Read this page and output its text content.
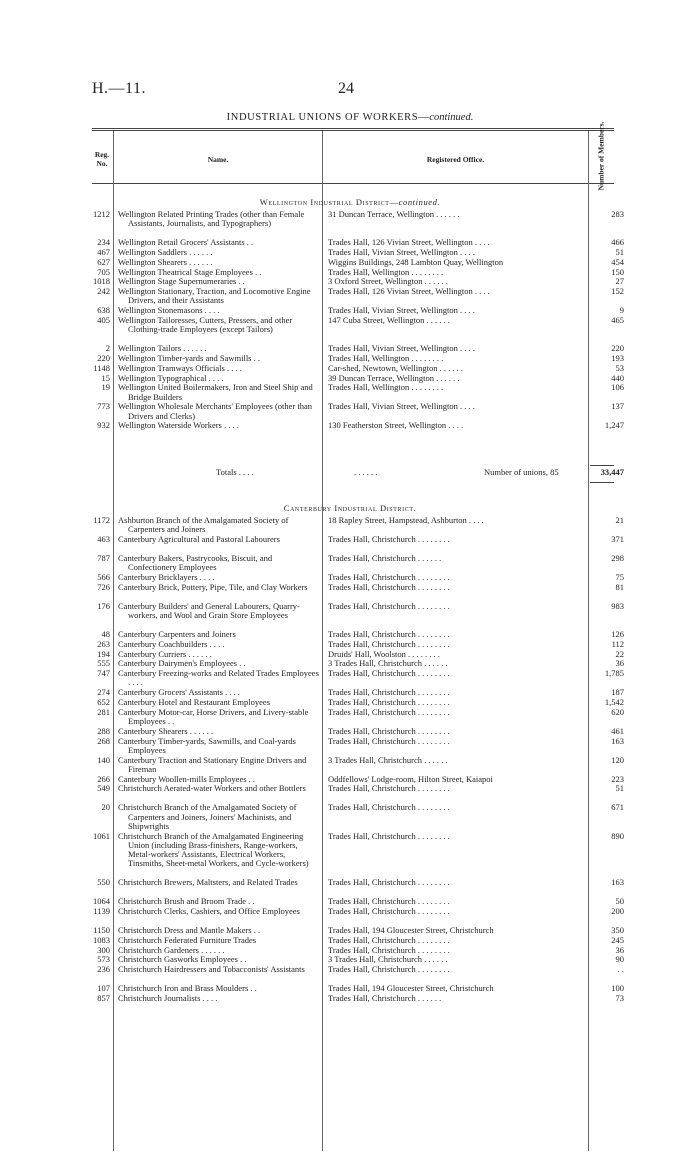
H.—11.	24
INDUSTRIAL UNIONS OF WORKERS—continued.
Reg. No.	Name.	Registered Office.	Number of Members.
Wellington Industrial District—continued.
1212 Wellington Related Printing Trades (other than Female Assistants, Journalists, and Typographers)
31 Duncan Terrace, Wellington . . . . . .	283
234 Wellington Retail Grocers' Assistants . .	Trades Hall, 126 Vivian Street, Wellington . . . .	466
467 Wellington Saddlers . . . . . .	Trades Hall, Vivian Street, Wellington . . . .	51
627 Wellington Shearers . . . . . .	Wiggins Buildings, 248 Lambton Quay, Wellington	454
705 Wellington Theatrical Stage Employees . .	Trades Hall, Wellington . . . . . . . .	150
1018 Wellington Stage Supernumeraries . .	3 Oxford Street, Wellington . . . . . .	27
242 Wellington Stationary, Traction, and Locomotive Engine Drivers, and their Assistants
Trades Hall, 126 Vivian Street, Wellington . . . .	152
638 Wellington Stonemasons . . . .	Trades Hall, Vivian Street, Wellington . . . .	9
405 Wellington Tailoresses, Cutters, Pressers, and other Clothing-trade Employees (except Tailors)
147 Cuba Street, Wellington . . . . . .	465
2 Wellington Tailors . . . . . .	Trades Hall, Vivian Street, Wellington . . . .	220
220 Wellington Timber-yards and Sawmills . .	Trades Hall, Wellington . . . . . . . .	193
1148 Wellington Tramways Officials . . . .	Car-shed, Newtown, Wellington . . . . . .	53
15 Wellington Typographical . . . .	39 Duncan Terrace, Wellington . . . . . .	440
19 Wellington United Boilermakers, Iron and Steel Ship and Bridge Builders
Trades Hall, Wellington . . . . . . . .	106
773 Wellington Wholesale Merchants' Employees (other than Drivers and Clerks)
Trades Hall, Vivian Street, Wellington . . . .	137
932 Wellington Waterside Workers . . . .	130 Featherston Street, Wellington . . . .	1,247
Totals . . . .	. . . . . .	Number of unions, 85	33,447
Canterbury Industrial District.
1172 Ashburton Branch of the Amalgamated Society of Carpenters and Joiners
18 Rapley Street, Hampstead, Ashburton . . . .	21
463 Canterbury Agricultural and Pastoral Labourers	Trades Hall, Christchurch . . . . . . . .	371
787 Canterbury Bakers, Pastrycooks, Biscuit, and Confectionery Employees
Trades Hall, Christchurch . . . . . .	298
566 Canterbury Bricklayers . . . .	Trades Hall, Christchurch . . . . . . . .	75
726 Canterbury Brick, Pottery, Pipe, Tile, and Clay Workers	Trades Hall, Christchurch . . . . . . . .	81
176 Canterbury Builders' and General Labourers, Quarry-workers, and Wool and Grain Store Employees
Trades Hall, Christchurch . . . . . . . .	983
48 Canterbury Carpenters and Joiners	Trades Hall, Christchurch . . . . . . . .	126
263 Canterbury Coachbuilders . . . .	Trades Hall, Christchurch . . . . . . . .	112
194 Canterbury Curriers . . . . . .	Druids' Hall, Woolston . . . . . . . .	22
555 Canterbury Dairymen's Employees . .	3 Trades Hall, Christchurch . . . . . .	36
747 Canterbury Freezing-works and Related Trades Employees . . . .
Trades Hall, Christchurch . . . . . . . .	1,785
274 Canterbury Grocers' Assistants . . . .	Trades Hall, Christchurch . . . . . . . .	187
652 Canterbury Hotel and Restaurant Employees	Trades Hall, Christchurch . . . . . . . .	1,542
281 Canterbury Motor-car, Horse Drivers, and Livery-stable Employees . .
Trades Hall, Christchurch . . . . . . . .	620
288 Canterbury Shearers . . . . . .	Trades Hall, Christchurch . . . . . . . .	461
268 Canterbury Timber-yards, Sawmills, and Coal-yards Employees
Trades Hall, Christchurch . . . . . . . .	163
140 Canterbury Traction and Stationary Engine Drivers and Fireman
3 Trades Hall, Christchurch . . . . . .	120
266 Canterbury Woollen-mills Employees . .	Oddfellows' Lodge-room, Hilton Street, Kaiapoi	223
549 Christchurch Aerated-water Workers and other Bottlers	Trades Hall, Christchurch . . . . . . . .	51
20 Christchurch Branch of the Amalgamated Society of Carpenters and Joiners, Joiners' Machinists, and Shipwrights
Trades Hall, Christchurch . . . . . . . .	671
1061 Christchurch Branch of the Amalgamated Engineering Union (including Brass-finishers, Range-workers, Metal-workers' Assistants, Electrical Workers, Tinsmiths, Sheet-metal Workers, and Cycle-workers)
Trades Hall, Christchurch . . . . . . . .	890
550 Christchurch Brewers, Maltsters, and Related Trades	Trades Hall, Christchurch . . . . . . . .	163
1064 Christchurch Brush and Broom Trade . .	Trades Hall, Christchurch . . . . . . . .	50
1139 Christchurch Clerks, Cashiers, and Office Employees	Trades Hall, Christchurch . . . . . . . .	200
1150 Christchurch Dress and Mantle Makers . .	Trades Hall, 194 Gloucester Street, Christchurch	350
1083 Christchurch Federated Furniture Trades	Trades Hall, Christchurch . . . . . . . .	245
300 Christchurch Gardeners . . . . . .	Trades Hall, Christchurch . . . . . . . .	36
573 Christchurch Gasworks Employees . .	3 Trades Hall, Christchurch . . . . . .	90
236 Christchurch Hairdressers and Tobacconists' Assistants	Trades Hall, Christchurch . . . . . . . .	. .
107 Christchurch Iron and Brass Moulders . .	Trades Hall, 194 Gloucester Street, Christchurch	100
857 Christchurch Journalists . . . .	Trades Hall, Christchurch . . . . . .	73
